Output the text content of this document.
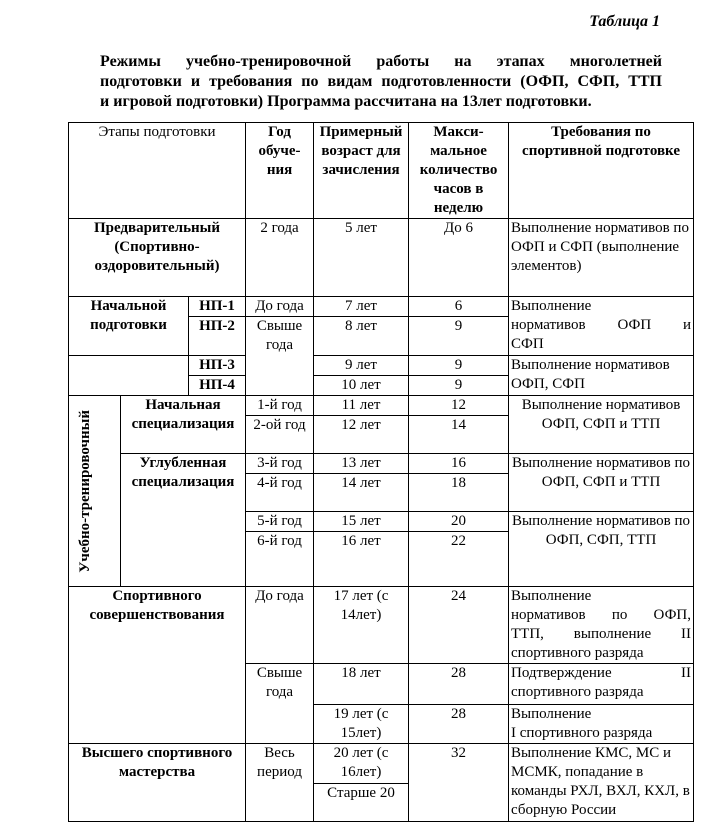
Таблица 1
Режимы учебно-тренировочной работы на этапах многолетней
подготовки и требования по видам подготовленности (ОФП, СФП, ТТП
и игровой подготовки) Программа рассчитана на 13лет подготовки.
Этапы подготовки			Год обуче-ния	Примерный возраст для зачисления	Макси-мальное количество часов в неделю	Требования по спортивной подготовке
Предварительный (Спортивно-оздоровительный)			2 года	5 лет	До 6	Выполнение нормативов по ОФП и СФП (выполнение элементов)
Начальной подготовки		НП-1	До года	7 лет	6	Выполнение
нормативов ОФП и
СФП

		НП-2	Свыше года	8 лет	9	
		НП-3		9 лет	9	Выполнение нормативов ОФП, СФП
		НП-4		10 лет	9	

Учебно-тренировочный	Начальная специализация		1-й год	11 лет	12	Выполнение нормативов ОФП, СФП и ТТП
			2-ой год	12 лет	14	
	Углубленная специализация		3-й год	13 лет	16	Выполнение нормативов по ОФП, СФП и ТТП
			4-й год	14 лет	18	
			5-й год	15 лет	20	Выполнение нормативов по ОФП, СФП, ТТП
			6-й год	16 лет	22	
Спортивного совершенствования			До года	17 лет (с 14лет)	24	Выполнение
нормативов по ОФП,
ТТП, выполнение II
спортивного разряда

			Свыше года	18 лет	28	Подтверждение II
спортивного разряда

				19 лет (с 15лет)	28	Выполнение
I спортивного разряда

Высшего спортивного мастерства			Весь период	20 лет (с 16лет)	32	Выполнение КМС, МС и МСМК, попадание в команды РХЛ, ВХЛ, КХЛ, в сборную России
				Старше 20		
